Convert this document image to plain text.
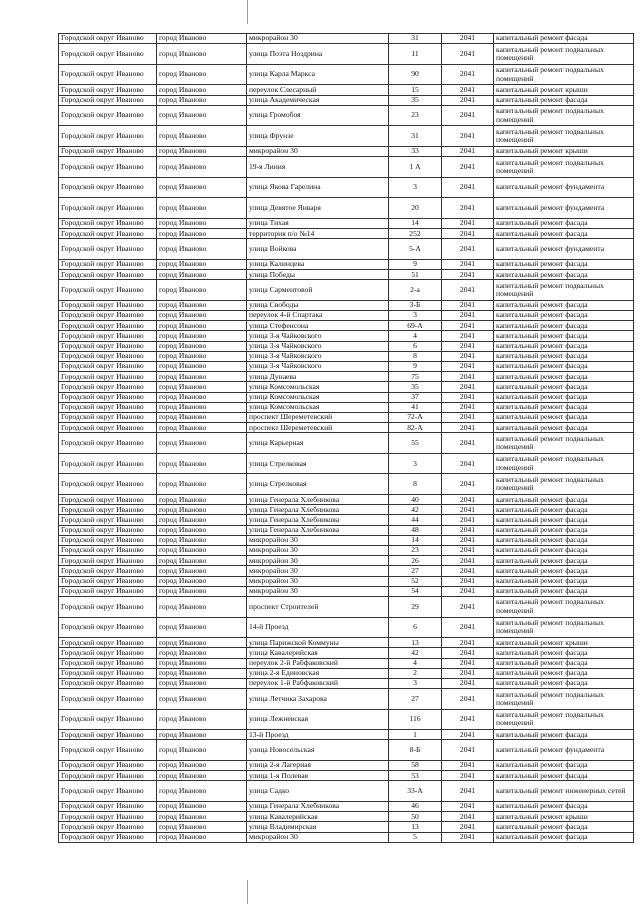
Городской округ Иваново	город Иваново	микрорайон 30	31	2041	капитальный ремонт фасада
Городской округ Иваново	город Иваново	улица Поэта Ноздрина	11	2041	капитальный ремонт подвальных помещений
Городской округ Иваново	город Иваново	улица Карла Маркса	90	2041	капитальный ремонт подвальных помещений
Городской округ Иваново	город Иваново	переулок Слесарный	15	2041	капитальный ремонт крыши
Городской округ Иваново	город Иваново	улица Академическая	35	2041	капитальный ремонт фасада
Городской округ Иваново	город Иваново	улица Громобоя	23	2041	капитальный ремонт подвальных помещений
Городской округ Иваново	город Иваново	улица Фрунзе	31	2041	капитальный ремонт подвальных помещений
Городской округ Иваново	город Иваново	микрорайон 30	33	2041	капитальный ремонт крыши
Городской округ Иваново	город Иваново	19-я Линия	1 А	2041	капитальный ремонт подвальных помещений
Городской округ Иваново	город Иваново	улица Якова Гарелина	3	2041	капитальный ремонт фундамента
Городской округ Иваново	город Иваново	улица Девятое Января	20	2041	капитальный ремонт фундамента
Городской округ Иваново	город Иваново	улица Тихая	14	2041	капитальный ремонт фасада
Городской округ Иваново	город Иваново	территория п/о №14	252	2041	капитальный ремонт фасада
Городской округ Иваново	город Иваново	улица Войкова	5-А	2041	капитальный ремонт фундамента
Городской округ Иваново	город Иваново	улица Калинцева	9	2041	капитальный ремонт фасада
Городской округ Иваново	город Иваново	улица Победы	51	2041	капитальный ремонт фасада
Городской округ Иваново	город Иваново	улица Сарментовой	2-а	2041	капитальный ремонт подвальных помещений
Городской округ Иваново	город Иваново	улица Свободы	3-Б	2041	капитальный ремонт фасада
Городской округ Иваново	город Иваново	переулок 4-й Спартака	3	2041	капитальный ремонт фасада
Городской округ Иваново	город Иваново	улица Стефенсона	69-А	2041	капитальный ремонт фасада
Городской округ Иваново	город Иваново	улица 3-я Чайковского	4	2041	капитальный ремонт фасада
Городской округ Иваново	город Иваново	улица 3-я Чайковского	6	2041	капитальный ремонт фасада
Городской округ Иваново	город Иваново	улица 3-я Чайковского	8	2041	капитальный ремонт фасада
Городской округ Иваново	город Иваново	улица 3-я Чайковского	9	2041	капитальный ремонт фасада
Городской округ Иваново	город Иваново	улица Дунаева	75	2041	капитальный ремонт фасада
Городской округ Иваново	город Иваново	улица Комсомольская	35	2041	капитальный ремонт фасада
Городской округ Иваново	город Иваново	улица Комсомольская	37	2041	капитальный ремонт фасада
Городской округ Иваново	город Иваново	улица Комсомольская	41	2041	капитальный ремонт фасада
Городской округ Иваново	город Иваново	проспект Шереметевский	72-А	2041	капитальный ремонт фасада
Городской округ Иваново	город Иваново	проспект Шереметевский	82-А	2041	капитальный ремонт фасада
Городской округ Иваново	город Иваново	улица Карьерная	55	2041	капитальный ремонт подвальных помещений
Городской округ Иваново	город Иваново	улица Стрелковая	3	2041	капитальный ремонт подвальных помещений
Городской округ Иваново	город Иваново	улица Стрелковая	8	2041	капитальный ремонт подвальных помещений
Городской округ Иваново	город Иваново	улица Генерала Хлебникова	40	2041	капитальный ремонт фасада
Городской округ Иваново	город Иваново	улица Генерала Хлебникова	42	2041	капитальный ремонт фасада
Городской округ Иваново	город Иваново	улица Генерала Хлебникова	44	2041	капитальный ремонт фасада
Городской округ Иваново	город Иваново	улица Генерала Хлебникова	48	2041	капитальный ремонт фасада
Городской округ Иваново	город Иваново	микрорайон 30	14	2041	капитальный ремонт фасада
Городской округ Иваново	город Иваново	микрорайон 30	23	2041	капитальный ремонт фасада
Городской округ Иваново	город Иваново	микрорайон 30	26	2041	капитальный ремонт фасада
Городской округ Иваново	город Иваново	микрорайон 30	27	2041	капитальный ремонт фасада
Городской округ Иваново	город Иваново	микрорайон 30	52	2041	капитальный ремонт фасада
Городской округ Иваново	город Иваново	микрорайон 30	54	2041	капитальный ремонт фасада
Городской округ Иваново	город Иваново	проспект Строителей	29	2041	капитальный ремонт подвальных помещений
Городской округ Иваново	город Иваново	14-й Проезд	6	2041	капитальный ремонт подвальных помещений
Городской округ Иваново	город Иваново	улица Парижской Коммуны	13	2041	капитальный ремонт крыши
Городской округ Иваново	город Иваново	улица Кавалерийская	42	2041	капитальный ремонт фасада
Городской округ Иваново	город Иваново	переулок 2-й Рабфаковский	4	2041	капитальный ремонт фасада
Городской округ Иваново	город Иваново	улица 2-я Единовская	2	2041	капитальный ремонт фасада
Городской округ Иваново	город Иваново	переулок 1-й Рабфаковский	3	2041	капитальный ремонт фасада
Городской округ Иваново	город Иваново	улица Летчика Захарова	27	2041	капитальный ремонт подвальных помещений
Городской округ Иваново	город Иваново	улица Лежневская	116	2041	капитальный ремонт подвальных помещений
Городской округ Иваново	город Иваново	13-й Проезд	1	2041	капитальный ремонт фасада
Городской округ Иваново	город Иваново	улица Новосельская	8-Б	2041	капитальный ремонт фундамента
Городской округ Иваново	город Иваново	улица 2-я Лагерная	58	2041	капитальный ремонт фасада
Городской округ Иваново	город Иваново	улица 1-я Полевая	53	2041	капитальный ремонт фасада
Городской округ Иваново	город Иваново	улица Садко	33-А	2041	капитальный ремонт инженерных сетей
Городской округ Иваново	город Иваново	улица Генерала Хлебникова	46	2041	капитальный ремонт фасада
Городской округ Иваново	город Иваново	улица Кавалерийская	50	2041	капитальный ремонт крыши
Городской округ Иваново	город Иваново	улица Владимирская	13	2041	капитальный ремонт фасада
Городской округ Иваново	город Иваново	микрорайон 30	5	2041	капитальный ремонт фасада
